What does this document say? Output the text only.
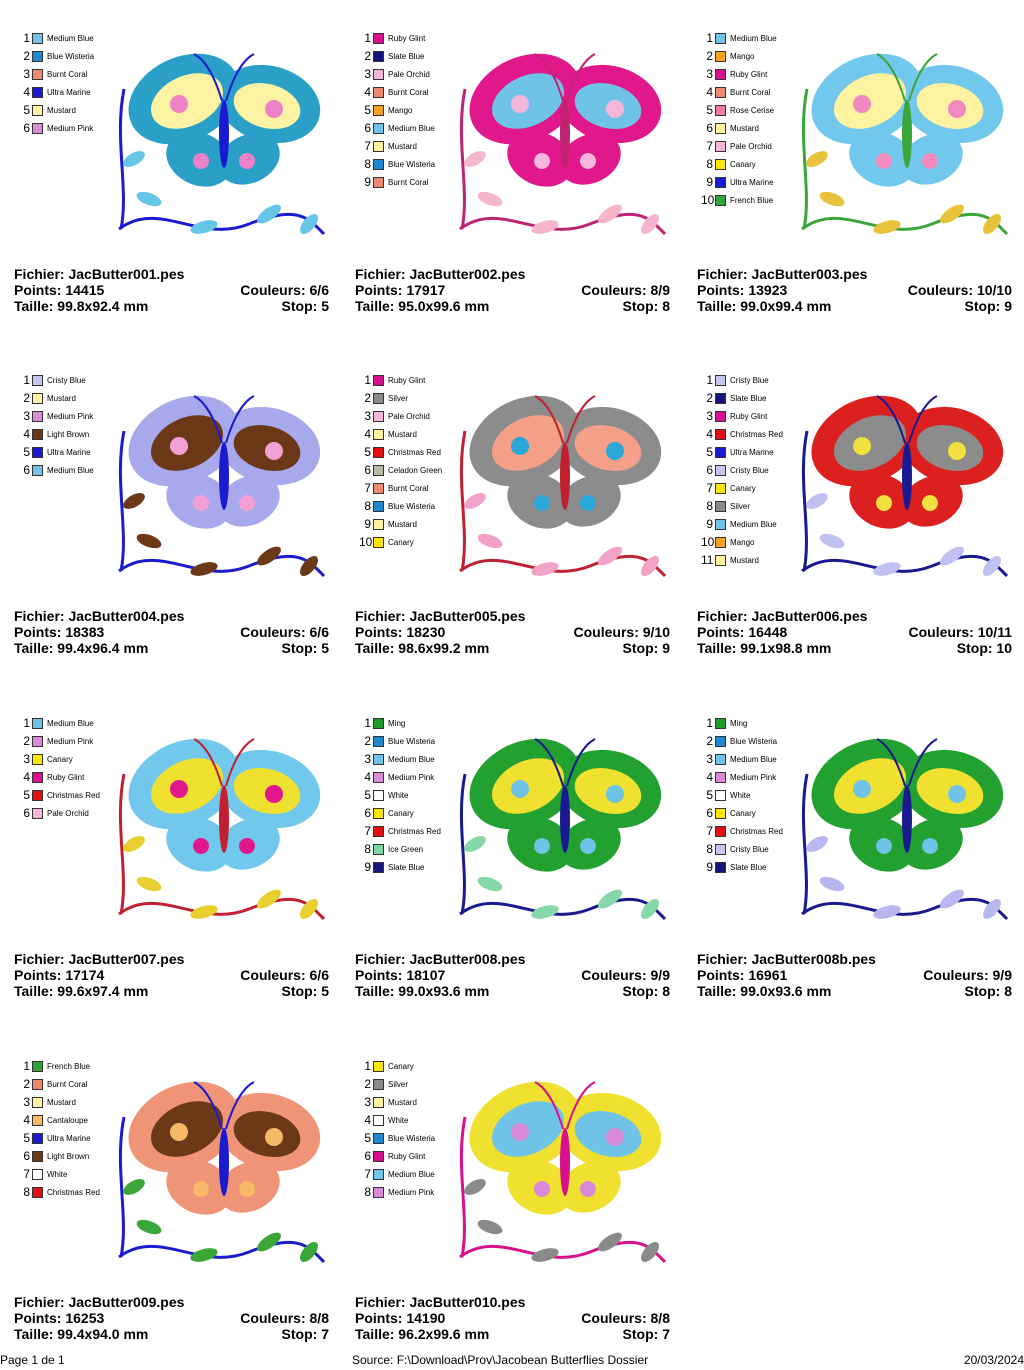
1 Medium Blue
2 Blue Wisteria
3 Burnt Coral
4 Ultra Marine
5 Mustard
6 Medium Pink
Fichier: JacButter001.pes
Points: 14415	Couleurs: 6/6
Taille: 99.8x92.4 mm	Stop: 5
1 Ruby Glint
2 Slate Blue
3 Pale Orchid
4 Burnt Coral
5 Mango
6 Medium Blue
7 Mustard
8 Blue Wisteria
9 Burnt Coral
Fichier: JacButter002.pes
Points: 17917	Couleurs: 8/9
Taille: 95.0x99.6 mm	Stop: 8
1 Medium Blue
2 Mango
3 Ruby Glint
4 Burnt Coral
5 Rose Cerise
6 Mustard
7 Pale Orchid
8 Canary
9 Ultra Marine
10 French Blue
Fichier: JacButter003.pes
Points: 13923	Couleurs: 10/10
Taille: 99.0x99.4 mm	Stop: 9
1 Cristy Blue
2 Mustard
3 Medium Pink
4 Light Brown
5 Ultra Marine
6 Medium Blue
Fichier: JacButter004.pes
Points: 18383	Couleurs: 6/6
Taille: 99.4x96.4 mm	Stop: 5
1 Ruby Glint
2 Silver
3 Pale Orchid
4 Mustard
5 Christmas Red
6 Celadon Green
7 Burnt Coral
8 Blue Wisteria
9 Mustard
10 Canary
Fichier: JacButter005.pes
Points: 18230	Couleurs: 9/10
Taille: 98.6x99.2 mm	Stop: 9
1 Cristy Blue
2 Slate Blue
3 Ruby Glint
4 Christmas Red
5 Ultra Marine
6 Cristy Blue
7 Canary
8 Silver
9 Medium Blue
10 Mango
11 Mustard
Fichier: JacButter006.pes
Points: 16448	Couleurs: 10/11
Taille: 99.1x98.8 mm	Stop: 10
1 Medium Blue
2 Medium Pink
3 Canary
4 Ruby Glint
5 Christmas Red
6 Pale Orchid
Fichier: JacButter007.pes
Points: 17174	Couleurs: 6/6
Taille: 99.6x97.4 mm	Stop: 5
1 Ming
2 Blue Wisteria
3 Medium Blue
4 Medium Pink
5 White
6 Canary
7 Christmas Red
8 Ice Green
9 Slate Blue
Fichier: JacButter008.pes
Points: 18107	Couleurs: 9/9
Taille: 99.0x93.6 mm	Stop: 8
1 Ming
2 Blue Wisteria
3 Medium Blue
4 Medium Pink
5 White
6 Canary
7 Christmas Red
8 Cristy Blue
9 Slate Blue
Fichier: JacButter008b.pes
Points: 16961	Couleurs: 9/9
Taille: 99.0x93.6 mm	Stop: 8
1 French Blue
2 Burnt Coral
3 Mustard
4 Cantaloupe
5 Ultra Marine
6 Light Brown
7 White
8 Christmas Red
Fichier: JacButter009.pes
Points: 16253	Couleurs: 8/8
Taille: 99.4x94.0 mm	Stop: 7
1 Canary
2 Silver
3 Mustard
4 White
5 Blue Wisteria
6 Ruby Glint
7 Medium Blue
8 Medium Pink
Fichier: JacButter010.pes
Points: 14190	Couleurs: 8/8
Taille: 96.2x99.6 mm	Stop: 7
Page 1 de 1	Source: F:\Download\Prov\Jacobean Butterflies Dossier	20/03/2024
